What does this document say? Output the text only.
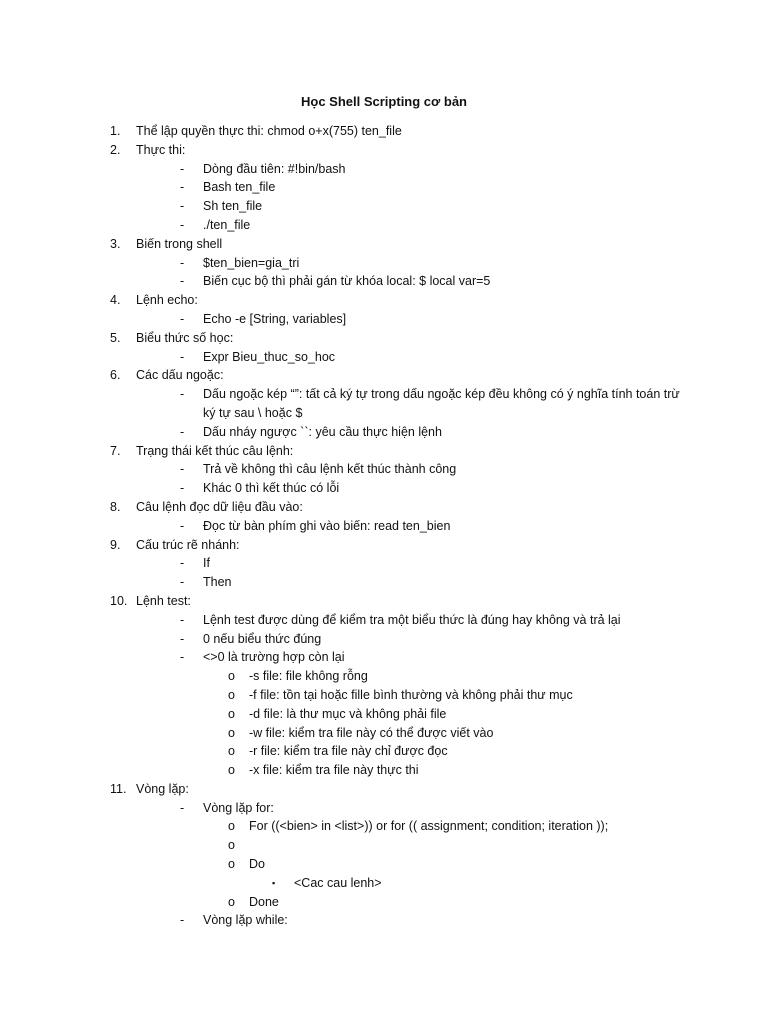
Học Shell Scripting cơ bản
1.	Thể lập quyền thực thi: chmod o+x(755) ten_file
2.	Thực thi:
- Dòng đầu tiên: #!bin/bash
- Bash ten_file
- Sh ten_file
- ./ten_file
3.	Biến trong shell
- $ten_bien=gia_tri
- Biến cục bộ thì phải gán từ khóa local: $ local var=5
4.	Lệnh echo:
- Echo -e [String, variables]
5.	Biểu thức số học:
- Expr Bieu_thuc_so_hoc
6.	Các dấu ngoặc:
- Dấu ngoặc kép “”: tất cả ký tự trong dấu ngoặc kép đều không có ý nghĩa tính toán trừ ký tự sau \ hoặc $
- Dấu nháy ngược ``: yêu cầu thực hiện lệnh
7.	Trạng thái kết thúc câu lệnh:
- Trả về không thì câu lệnh kết thúc thành công
- Khác 0 thì kết thúc có lỗi
8.	Câu lệnh đọc dữ liệu đầu vào:
- Đọc từ bàn phím ghi vào biến: read ten_bien
9.	Cấu trúc rẽ nhánh:
- If
- Then
10. Lệnh test:
- Lệnh test được dùng để kiểm tra một biểu thức là đúng hay không và trả lại
- 0 nếu biểu thức đúng
- <>0 là trường hợp còn lại
o -s file: file không rỗng
o -f file: tồn tại hoặc fille bình thường và không phải thư mục
o -d file: là thư mục và không phải file
o -w file: kiểm tra file này có thể được viết vào
o -r file: kiểm tra file này chỉ được đọc
o -x file: kiểm tra file này thực thi
11. Vòng lặp:
- Vòng lặp for:
o For ((<bien> in <list>)) or for (( assignment; condition; iteration ));
o
o Do
▪ <Cac cau lenh>
o Done
- Vòng lặp while:
